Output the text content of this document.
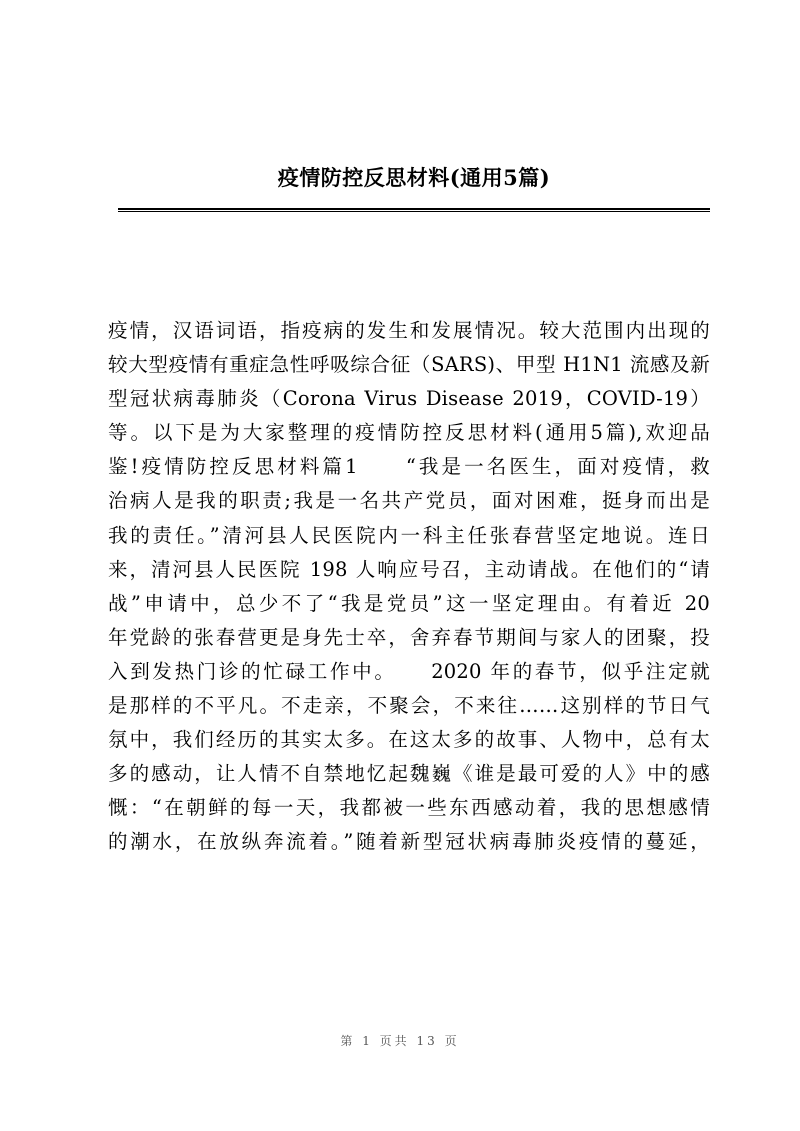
疫情防控反思材料(通用5篇)
疫情，汉语词语，指疫病的发生和发展情况。较大范围内出现的
较大型疫情有重症急性呼吸综合征（SARS)、甲型 H1N1 流感及新
型冠状病毒肺炎（Corona Virus Disease 2019，COVID-19）
等。以下是为大家整理的疫情防控反思材料(通用5篇),欢迎品
鉴!疫情防控反思材料篇1　　“我是一名医生，面对疫情，救
治病人是我的职责;我是一名共产党员，面对困难，挺身而出是
我的责任。”清河县人民医院内一科主任张春营坚定地说。连日
来，清河县人民医院 198 人响应号召，主动请战。在他们的“请
战”申请中，总少不了“我是党员”这一坚定理由。有着近 20
年党龄的张春营更是身先士卒，舍弃春节期间与家人的团聚，投
入到发热门诊的忙碌工作中。　　2020 年的春节，似乎注定就
是那样的不平凡。不走亲，不聚会，不来往……这别样的节日气
氛中，我们经历的其实太多。在这太多的故事、人物中，总有太
多的感动，让人情不自禁地忆起魏巍《谁是最可爱的人》中的感
慨：“在朝鲜的每一天，我都被一些东西感动着，我的思想感情
的潮水，在放纵奔流着。”随着新型冠状病毒肺炎疫情的蔓延，
第 1 页共 13 页
